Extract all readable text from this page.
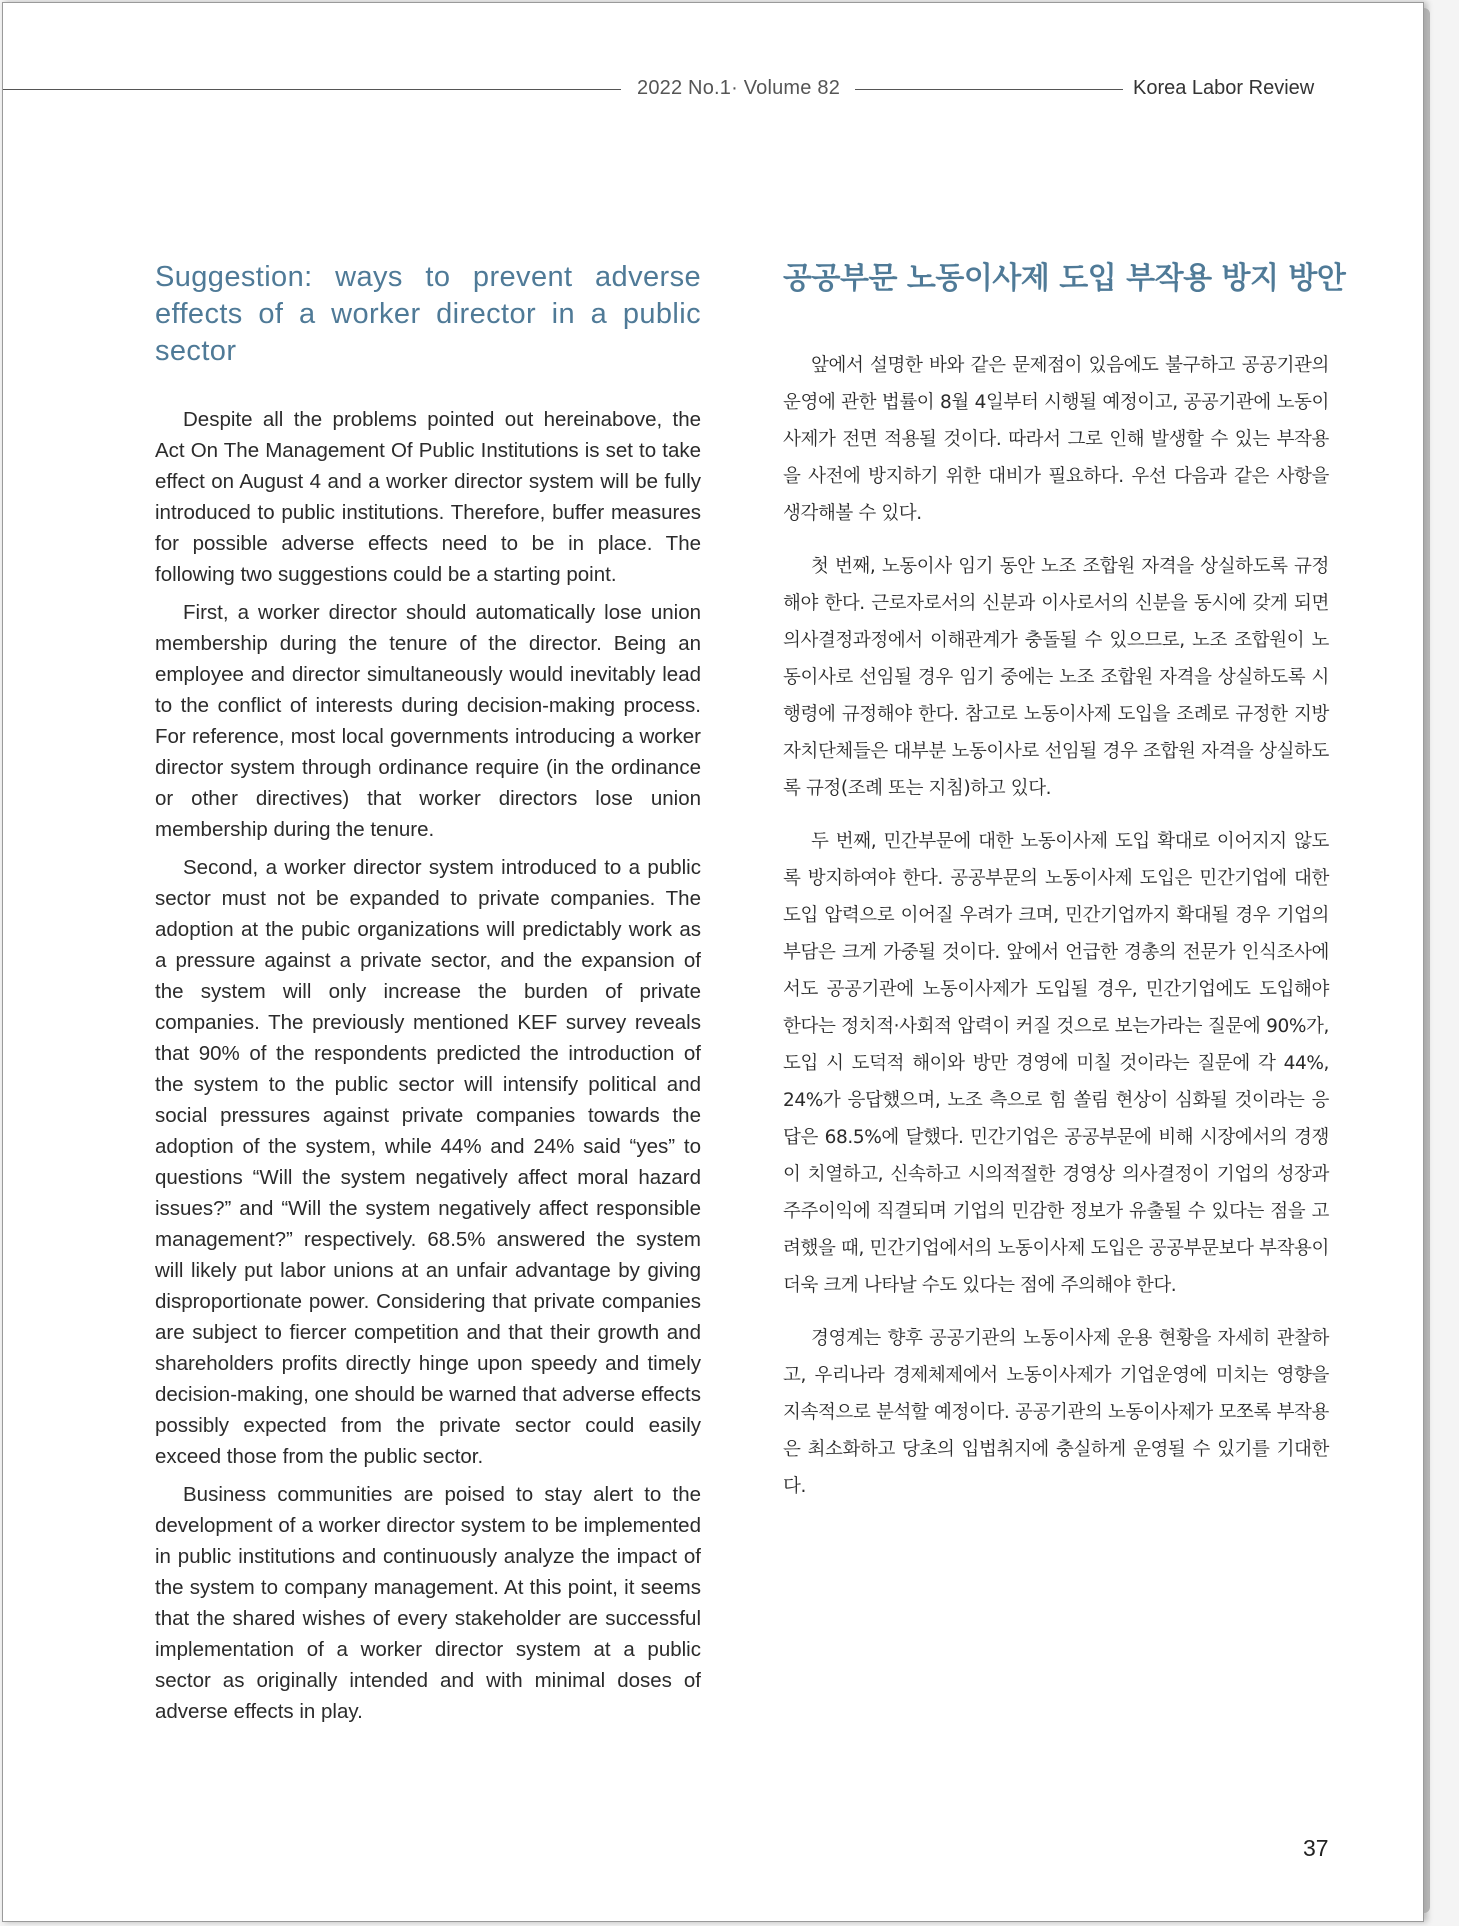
2022 No.1· Volume 82	Korea Labor Review
Suggestion: ways to prevent adverse effects of a worker director in a public sector

Despite all the problems pointed out hereinabove, the Act On The Management Of Public Institutions is set to take effect on August 4 and a worker director system will be fully introduced to public institutions. Therefore, buffer measures for possible adverse effects need to be in place. The following two suggestions could be a starting point.

First, a worker director should automatically lose union membership during the tenure of the director. Being an employee and director simultaneously would inevitably lead to the conflict of interests during decision-making process. For reference, most local governments introducing a worker director system through ordinance require (in the ordinance or other directives) that worker directors lose union membership during the tenure.

Second, a worker director system introduced to a public sector must not be expanded to private companies. The adoption at the pubic organizations will predictably work as a pressure against a private sector, and the expansion of the system will only increase the burden of private companies. The previously mentioned KEF survey reveals that 90% of the respondents predicted the introduction of the system to the public sector will intensify political and social pressures against private companies towards the adoption of the system, while 44% and 24% said “yes” to questions “Will the system negatively affect moral hazard issues?” and “Will the system negatively affect responsible management?” respectively. 68.5% answered the system will likely put labor unions at an unfair advantage by giving disproportionate power. Considering that private companies are subject to fiercer competition and that their growth and shareholders profits directly hinge upon speedy and timely decision-making, one should be warned that adverse effects possibly expected from the private sector could easily exceed those from the public sector.

Business communities are poised to stay alert to the development of a worker director system to be implemented in public institutions and continuously analyze the impact of the system to company management. At this point, it seems that the shared wishes of every stakeholder are successful implementation of a worker director system at a public sector as originally intended and with minimal doses of adverse effects in play.

공공부문 노동이사제 도입 부작용 방지 방안

앞에서 설명한 바와 같은 문제점이 있음에도 불구하고 공공기관의 운영에 관한 법률이 8월 4일부터 시행될 예정이고, 공공기관에 노동이사제가 전면 적용될 것이다. 따라서 그로 인해 발생할 수 있는 부작용을 사전에 방지하기 위한 대비가 필요하다. 우선 다음과 같은 사항을 생각해볼 수 있다.

첫 번째, 노동이사 임기 동안 노조 조합원 자격을 상실하도록 규정해야 한다. 근로자로서의 신분과 이사로서의 신분을 동시에 갖게 되면 의사결정과정에서 이해관계가 충돌될 수 있으므로, 노조 조합원이 노동이사로 선임될 경우 임기 중에는 노조 조합원 자격을 상실하도록 시행령에 규정해야 한다. 참고로 노동이사제 도입을 조례로 규정한 지방자치단체들은 대부분 노동이사로 선임될 경우 조합원 자격을 상실하도록 규정(조례 또는 지침)하고 있다.

두 번째, 민간부문에 대한 노동이사제 도입 확대로 이어지지 않도록 방지하여야 한다. 공공부문의 노동이사제 도입은 민간기업에 대한 도입 압력으로 이어질 우려가 크며, 민간기업까지 확대될 경우 기업의 부담은 크게 가중될 것이다. 앞에서 언급한 경총의 전문가 인식조사에서도 공공기관에 노동이사제가 도입될 경우, 민간기업에도 도입해야 한다는 정치적·사회적 압력이 커질 것으로 보는가라는 질문에 90%가, 도입 시 도덕적 해이와 방만 경영에 미칠 것이라는 질문에 각 44%, 24%가 응답했으며, 노조 측으로 힘 쏠림 현상이 심화될 것이라는 응답은 68.5%에 달했다. 민간기업은 공공부문에 비해 시장에서의 경쟁이 치열하고, 신속하고 시의적절한 경영상 의사결정이 기업의 성장과 주주이익에 직결되며 기업의 민감한 정보가 유출될 수 있다는 점을 고려했을 때, 민간기업에서의 노동이사제 도입은 공공부문보다 부작용이 더욱 크게 나타날 수도 있다는 점에 주의해야 한다.

경영계는 향후 공공기관의 노동이사제 운용 현황을 자세히 관찰하고, 우리나라 경제체제에서 노동이사제가 기업운영에 미치는 영향을 지속적으로 분석할 예정이다. 공공기관의 노동이사제가 모쪼록 부작용은 최소화하고 당초의 입법취지에 충실하게 운영될 수 있기를 기대한다.

37
